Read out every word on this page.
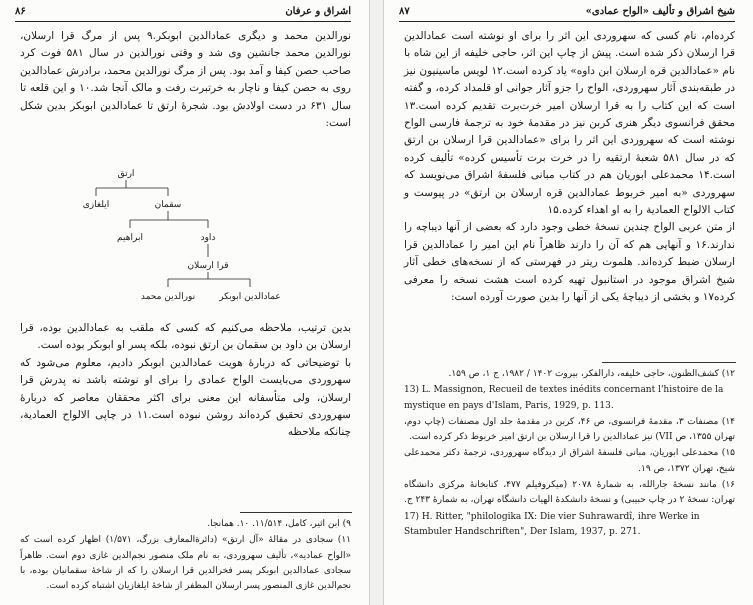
۸۶	اشراق و عرفان

نورالدین محمد و دیگری عمادالدین ابوبکر.۹ پس از مرگ قرا ارسلان، نورالدین محمد جانشین وی شد و وقتی نورالدین در سال ۵۸۱ فوت کرد صاحب حصن کیفا و آمد بود. پس از مرگ نورالدین محمد، برادرش عمادالدین روی به حصن کیفا و ناچار به خرتبرت رفت و مالک آنجا شد.۱۰ و این قلعه تا سال ۶۳۱ در دست اولادش بود. شجرهٔ ارتق تا عمادالدین ابوبکر بدین شکل است:

ارتق
سقمان
ایلغازی
داود
ابراهیم
قرا ارسلان
عمادالدین ابوبکر
نورالدین محمد

بدین ترتیب، ملاحظه می‌کنیم که کسی که ملقب به عمادالدین بوده، قرا ارسلان بن داود بن سقمان بن ارتق نبوده، بلکه پسر او ابوبکر بوده است.

با توضیحاتی که دربارهٔ هویت عمادالدین ابوبکر دادیم، معلوم می‌شود که سهروردی می‌بایست الواح عمادی را برای او نوشته باشد نه پدرش قرا ارسلان، ولی متأسفانه این معنی برای اکثر محققان معاصر که دربارهٔ سهروردی تحقیق کرده‌اند روشن نبوده است.۱۱ در چاپی الالواح العمادیة، چنانکه ملاحظه

۹) ابن اثیر، کامل، ۱۱/۵۱۴. ۱۰. همانجا.

۱۱) سجادی در مقالهٔ «آل ارتق» (دائرةالمعارف بزرگ، ۱/۵۷۱) اظهار کرده است که «الواح عمادیه»، تألیف سهروردی، به نام ملک منصور نجم‌الدین غازی دوم است. ظاهراً سجادی عمادالدین ابوبکر پسر فخرالدین قرا ارسلان را که از شاخهٔ سقمانیان بوده، با نجم‌الدین غازی المنصور پسر ارسلان المظفر از شاخهٔ ایلغازیان اشتباه کرده است.

۸۷	شیخ اشراق و تألیف «الواح عمادی»

کرده‌ام، نام کسی که سهروردی این اثر را برای او نوشته است عمادالدین قرا ارسلان ذکر شده است. پیش از چاپ این اثر، حاجی خلیفه از این شاه با نام «عمادالدین قره ارسلان ابن داوه» یاد کرده است.۱۲ لویس ماسینیون نیز در طبقه‌بندی آثار سهروردی، الواح را جزو آثار جوانی او قلمداد کرده، و گفته است که این کتاب را به قرا ارسلان امیر خرت‌برت تقدیم کرده است.۱۳ محقق فرانسوی دیگر هنری کربن نیز در مقدمهٔ خود به ترجمهٔ فارسی الواح نوشته است که سهروردی این اثر را برای «عمادالدین قرا ارسلان بن ارتق که در سال ۵۸۱ شعبهٔ ارتقیه را در خرت برت تأسیس کرده» تألیف کرده است.۱۴ محمدعلی ابوریان هم در کتاب مبانی فلسفهٔ اشراق می‌نویسد که سهروردی «به امیر خربوط عمادالدین قره ارسلان بن ارتق» در پیوست و کتاب الالواح العمادیة را به او اهداء کرده.۱۵

از متن عربی الواح چندین نسخهٔ خطی وجود دارد که بعضی از آنها دیباچه را ندارند.۱۶ و آنهایی هم که آن را دارند ظاهراً نام این امیر را عمادالدین قرا ارسلان ضبط کرده‌اند. هلموت ریتر در فهرستی که از نسخه‌های خطی آثار شیخ اشراق موجود در استانبول تهیه کرده است هشت نسخه را معرفی کرده۱۷ و بخشی از دیباچهٔ یکی از آنها را بدین صورت آورده است:

۱۲) کشف‌الظنون، حاجی خلیفه، دارالفکر، بیروت ۱۴۰۲ / ۱۹۸۲، ج ۱، ص ۱۵۹.

13) L. Massignon, Recueil de textes inédits concernant l'histoire de la mystique en pays d'Islam, Paris, 1929, p. 113.

۱۴) مصنفات ۳، مقدمهٔ فرانسوی، ص ۴۶، کربن در مقدمهٔ جلد اول مصنفات (چاپ دوم، تهران ۱۳۵۵، ص VII) نیز عمادالدین را قرا ارسلان بن ارتق امیر خربوط ذکر کرده است.

۱۵) محمدعلی ابوریان، مبانی فلسفهٔ اشراق از دیدگاه سهروردی، ترجمهٔ دکتر محمدعلی شیخ، تهران ۱۳۷۲، ص ۱۹.

۱۶) مانند نسخهٔ جارالله، به شمارهٔ ۲۰۷۸ (میکروفیلم ۴۷۷، کتابخانهٔ مرکزی دانشگاه تهران: نسخهٔ ۲ در چاپ حبیبی) و نسخهٔ دانشکدهٔ الهیات دانشگاه تهران، به شمارهٔ ۲۴۳ ج.

17) H. Ritter, "philologika IX: Die vier Suhrawardî, ihre Werke in Stambuler Handschriften", Der Islam, 1937, p. 271.
